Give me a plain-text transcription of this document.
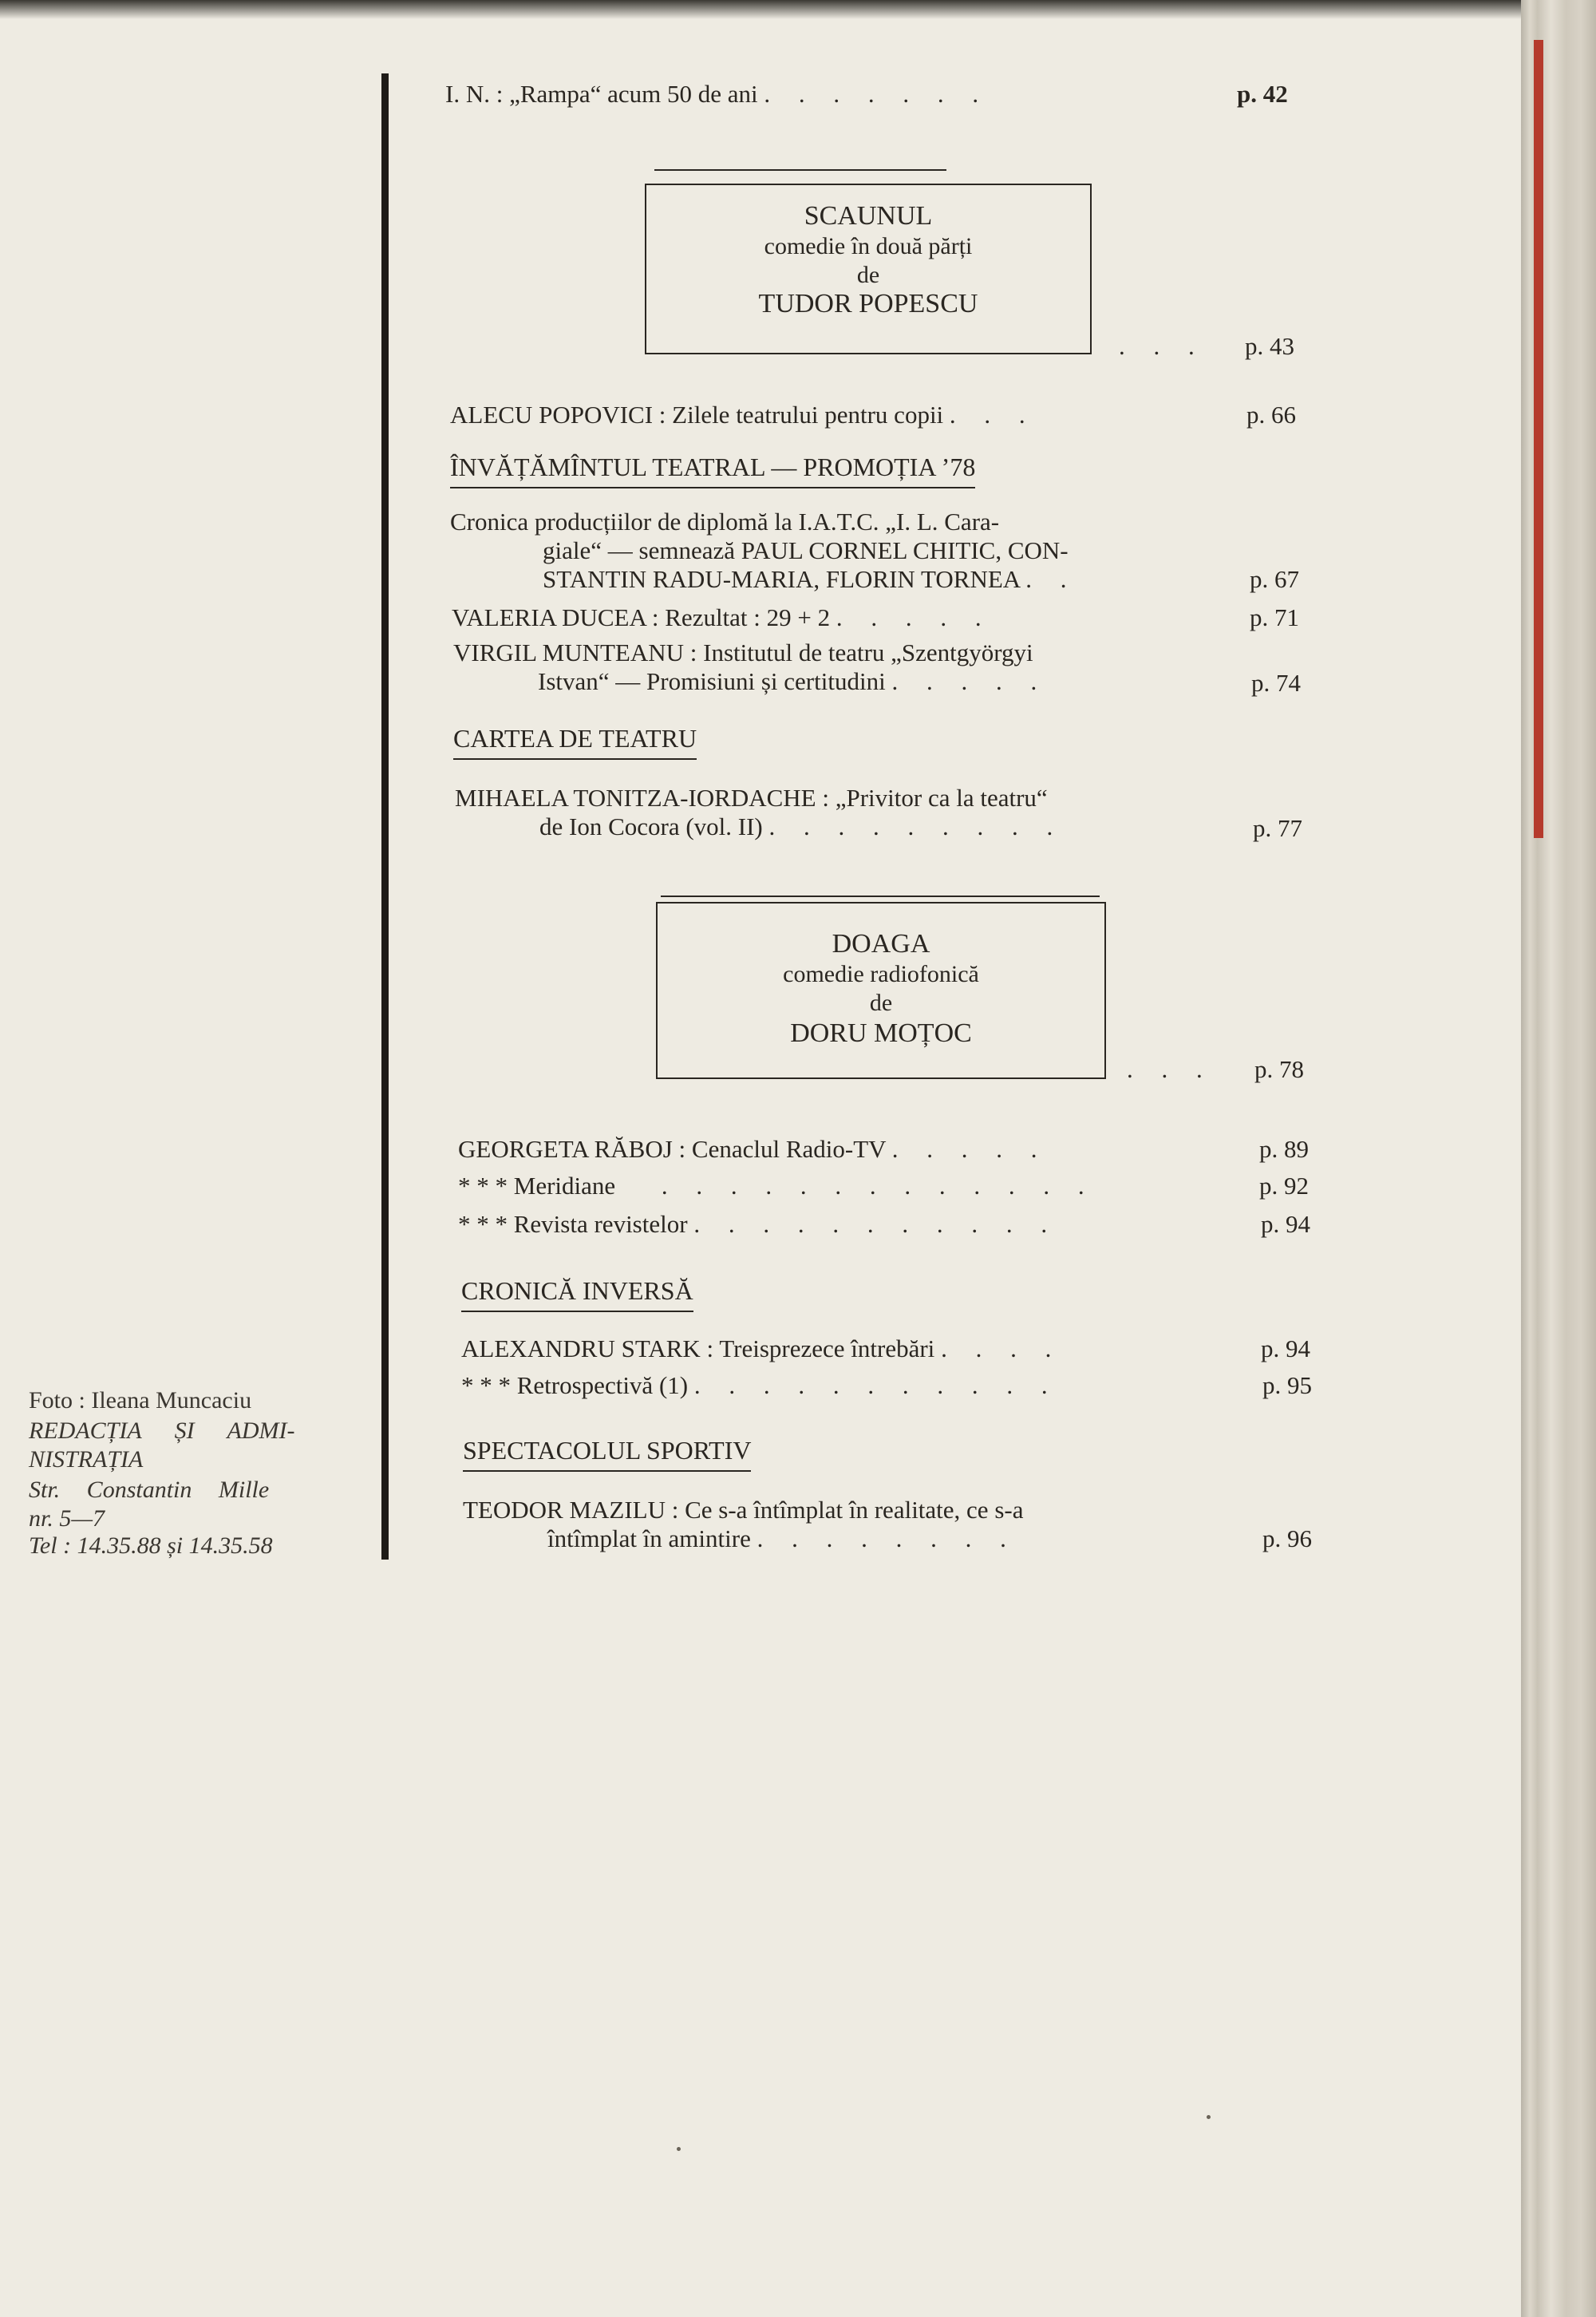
I. N. : „Rampa“ acum 50 de ani . . . . . . .	p. 42
SCAUNUL
comedie în două părți
de
TUDOR POPESCU
. . . p. 43
ALECU POPOVICI : Zilele teatrului pentru copii . . .	p. 66
ÎNVĂȚĂMÎNTUL TEATRAL — PROMOȚIA ’78
Cronica producțiilor de diplomă la I.A.T.C. „I. L. Cara-
giale“ — semnează PAUL CORNEL CHITIC, CON-
STANTIN RADU-MARIA, FLORIN TORNEA . .	p. 67
VALERIA DUCEA : Rezultat : 29 + 2 . . . . .	p. 71
VIRGIL MUNTEANU : Institutul de teatru „Szentgyörgyi
Istvan“ — Promisiuni și certitudini . . . . .	p. 74
CARTEA DE TEATRU
MIHAELA TONITZA-IORDACHE : „Privitor ca la teatru“
de Ion Cocora (vol. II) . . . . . . . . .	p. 77
DOAGA
comedie radiofonică
de
DORU MOȚOC
. . . p. 78
GEORGETA RĂBOJ : Cenaclul Radio-TV . . . . .	p. 89
* * * Meridiane . . . . . . . . . . . . .	p. 92
* * * Revista revistelor . . . . . . . . . . .	p. 94
CRONICĂ INVERSĂ
ALEXANDRU STARK : Treisprezece întrebări . . . .	p. 94
* * * Retrospectivă (1) . . . . . . . . . . .	p. 95
SPECTACOLUL SPORTIV
TEODOR MAZILU : Ce s-a întîmplat în realitate, ce s-a
întîmplat în amintire . . . . . . . .	p. 96
Foto : Ileana Muncaciu
REDACȚIA ȘI ADMI-
NISTRAȚIA
Str. Constantin Mille
nr. 5—7
Tel : 14.35.88 și 14.35.58
